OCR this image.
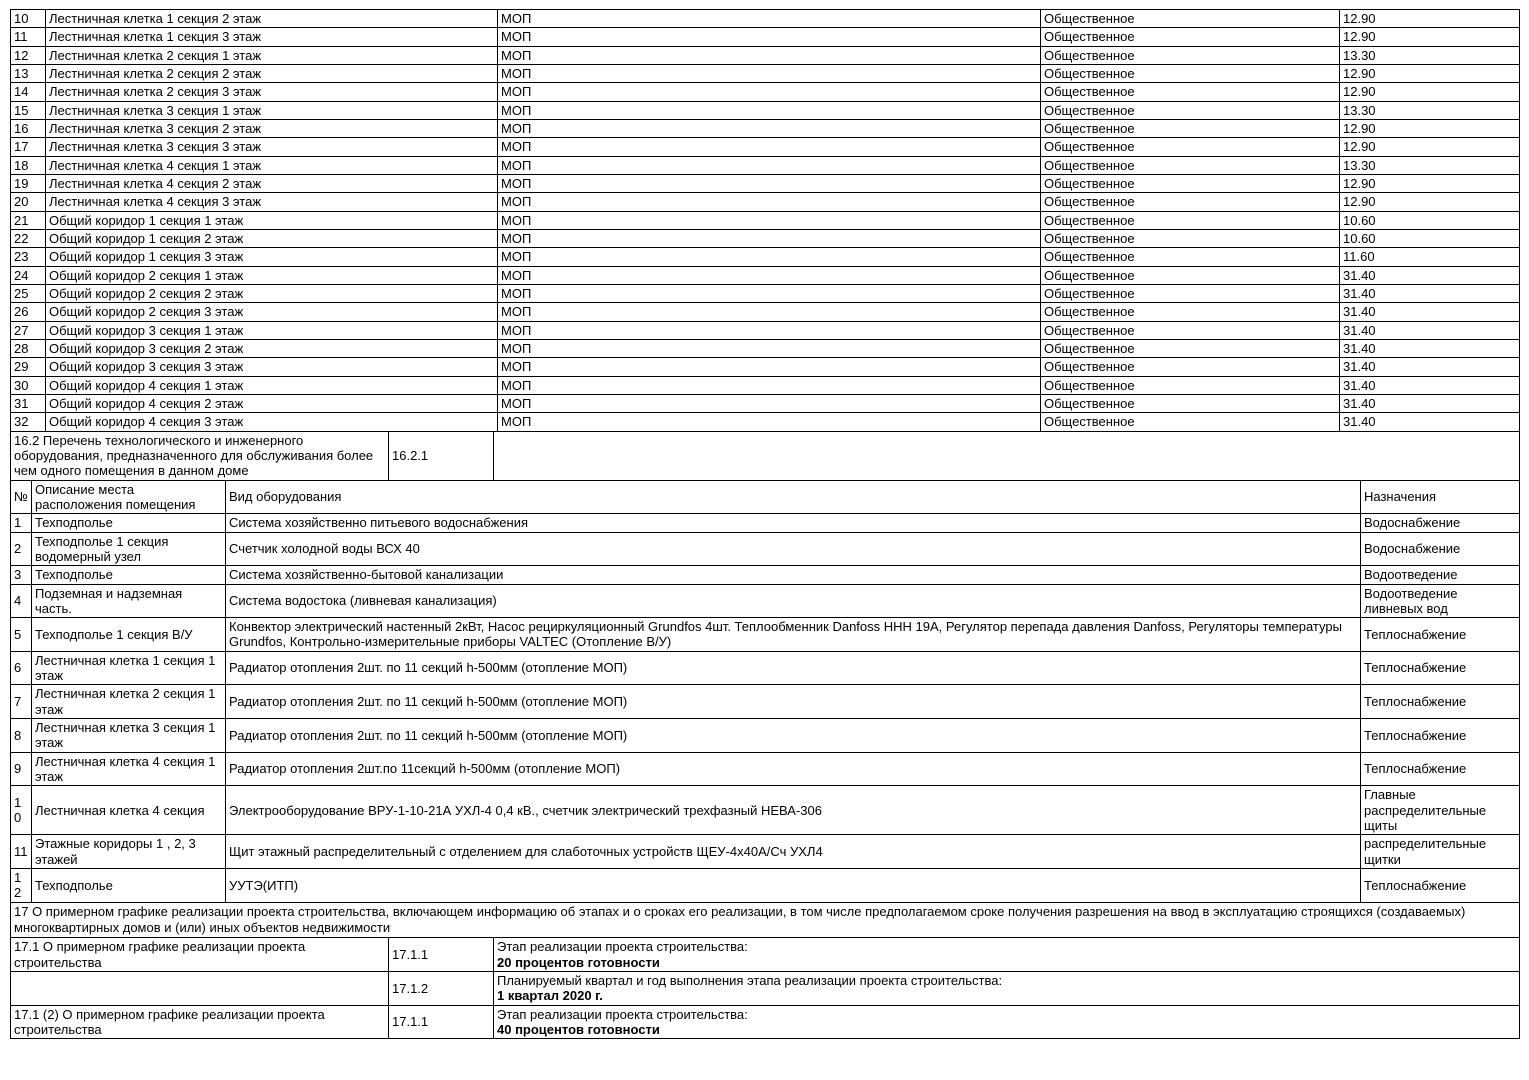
10	Лестничная клетка 1 секция 2 этаж	МОП	Общественное	12.90
11	Лестничная клетка 1 секция 3 этаж	МОП	Общественное	12.90
12	Лестничная клетка 2 секция 1 этаж	МОП	Общественное	13.30
13	Лестничная клетка 2 секция 2 этаж	МОП	Общественное	12.90
14	Лестничная клетка 2 секция 3 этаж	МОП	Общественное	12.90
15	Лестничная клетка 3 секция 1 этаж	МОП	Общественное	13.30
16	Лестничная клетка 3 секция 2 этаж	МОП	Общественное	12.90
17	Лестничная клетка 3 секция 3 этаж	МОП	Общественное	12.90
18	Лестничная клетка 4 секция 1 этаж	МОП	Общественное	13.30
19	Лестничная клетка 4 секция 2 этаж	МОП	Общественное	12.90
20	Лестничная клетка 4 секция 3 этаж	МОП	Общественное	12.90
21	Общий коридор 1 секция 1 этаж	МОП	Общественное	10.60
22	Общий коридор 1 секция 2 этаж	МОП	Общественное	10.60
23	Общий коридор 1 секция 3 этаж	МОП	Общественное	11.60
24	Общий коридор 2 секция 1 этаж	МОП	Общественное	31.40
25	Общий коридор 2 секция 2 этаж	МОП	Общественное	31.40
26	Общий коридор 2 секция 3 этаж	МОП	Общественное	31.40
27	Общий коридор 3 секция 1 этаж	МОП	Общественное	31.40
28	Общий коридор 3 секция 2 этаж	МОП	Общественное	31.40
29	Общий коридор 3 секция 3 этаж	МОП	Общественное	31.40
30	Общий коридор 4 секция 1 этаж	МОП	Общественное	31.40
31	Общий коридор 4 секция 2 этаж	МОП	Общественное	31.40
32	Общий коридор 4 секция 3 этаж	МОП	Общественное	31.40
16.2 Перечень технологического и инженерного оборудования, предназначенного для обслуживания более чем одного помещения в данном доме	16.2.1	
№	Описание места расположения помещения	Вид оборудования	Назначения
1	Техподполье	Система хозяйственно питьевого водоснабжения	Водоснабжение
2	Техподполье 1 секция водомерный узел	Счетчик холодной воды ВСХ 40	Водоснабжение
3	Техподполье	Система хозяйственно-бытовой канализации	Водоотведение
4	Подземная и надземная часть.	Система водостока (ливневая канализация)	Водоотведение ливневых вод
5	Техподполье 1 секция В/У	Конвектор электрический настенный 2кВт, Насос рециркуляционный Grundfos 4шт. Теплообменник Danfoss HHН 19А, Регулятор перепада давления Danfoss, Регуляторы температуры Grundfos, Контрольно-измерительные приборы VALTEC (Отопление В/У)	Теплоснабжение
6	Лестничная клетка 1 секция 1 этаж	Радиатор отопления 2шт. по 11 секций h-500мм (отопление МОП)	Теплоснабжение
7	Лестничная клетка 2 секция 1 этаж	Радиатор отопления 2шт. по 11 секций h-500мм (отопление МОП)	Теплоснабжение
8	Лестничная клетка 3 секция 1 этаж	Радиатор отопления 2шт. по 11 секций h-500мм (отопление МОП)	Теплоснабжение
9	Лестничная клетка 4 секция 1 этаж	Радиатор отопления 2шт.по 11секций h-500мм (отопление МОП)	Теплоснабжение
10	Лестничная клетка 4 секция	Электрооборудование ВРУ-1-10-21А УХЛ-4 0,4 кВ., счетчик электрический трехфазный НЕВА-306	Главные распределительные щиты
11	Этажные коридоры 1 , 2, 3 этажей	Щит этажный распределительный с отделением для слаботочных устройств ЩЕУ-4х40А/Сч УХЛ4	распределительные щитки
12	Техподполье	УУТЭ(ИТП)	Теплоснабжение
17 О примерном графике реализации проекта строительства, включающем информацию об этапах и о сроках его реализации, в том числе предполагаемом сроке получения разрешения на ввод в эксплуатацию строящихся (создаваемых) многоквартирных домов и (или) иных объектов недвижимости
17.1 О примерном графике реализации проекта строительства	17.1.1	Этап реализации проекта строительства:
20 процентов готовности

	17.1.2	Планируемый квартал и год выполнения этапа реализации проекта строительства:
1 квартал 2020 г.

17.1 (2) О примерном графике реализации проекта строительства	17.1.1	Этап реализации проекта строительства:
40 процентов готовности
